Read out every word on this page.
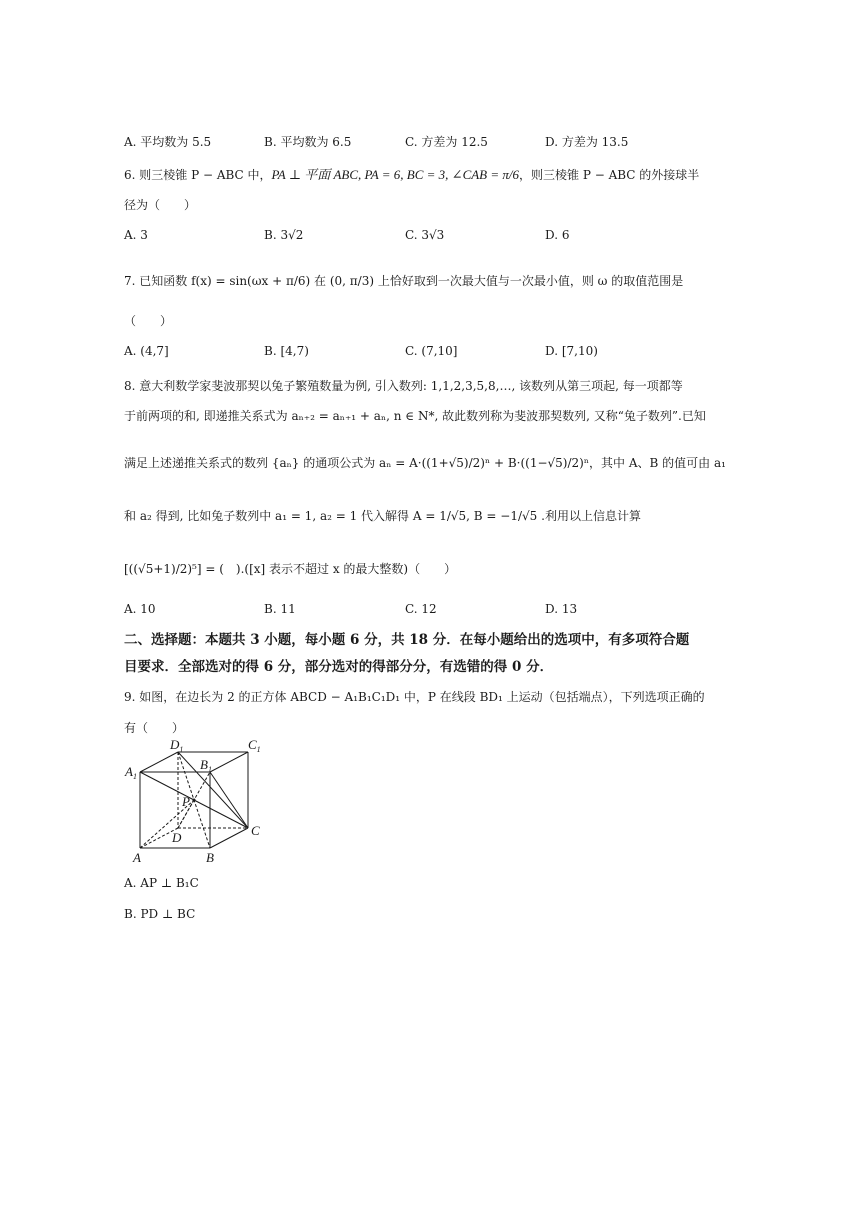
A. 平均数为 5.5	B. 平均数为 6.5	C. 方差为 12.5	D. 方差为 13.5
6. 则三棱锥 P − ABC 中，PA ⊥ 平面 ABC, PA = 6, BC = 3, ∠CAB = π/6，则三棱锥 P − ABC 的外接球半
径为（　　）
A. 3	B. 3√2	C. 3√3	D. 6
7. 已知函数 f(x) = sin(ωx + π/6) 在 (0, π/3) 上恰好取到一次最大值与一次最小值，则 ω 的取值范围是
（　　）
A. (4,7]	B. [4,7)	C. (7,10]	D. [7,10)
8. 意大利数学家斐波那契以兔子繁殖数量为例, 引入数列: 1,1,2,3,5,8,…, 该数列从第三项起, 每一项都等
于前两项的和, 即递推关系式为 aₙ₊₂ = aₙ₊₁ + aₙ, n ∈ N*, 故此数列称为斐波那契数列, 又称“兔子数列”.已知
满足上述递推关系式的数列 {aₙ} 的通项公式为 aₙ = A·((1+√5)/2)ⁿ + B·((1−√5)/2)ⁿ，其中 A、B 的值可由 a₁
和 a₂ 得到, 比如兔子数列中 a₁ = 1, a₂ = 1 代入解得 A = 1/√5, B = −1/√5 .利用以上信息计算
[((√5+1)/2)⁵] = (　).([x] 表示不超过 x 的最大整数)（　　）
A. 10	B. 11	C. 12	D. 13
二、选择题：本题共 3 小题，每小题 6 分，共 18 分．在每小题给出的选项中，有多项符合题
目要求．全部选对的得 6 分，部分选对的得部分分，有选错的得 0 分．
9. 如图，在边长为 2 的正方体 ABCD − A₁B₁C₁D₁ 中，P 在线段 BD₁ 上运动（包括端点），下列选项正确的
有（　　）
$D_1$	$C_1$
$A_1$
$B_1$
P
D	C
A	B
A. AP ⊥ B₁C
B. PD ⊥ BC
